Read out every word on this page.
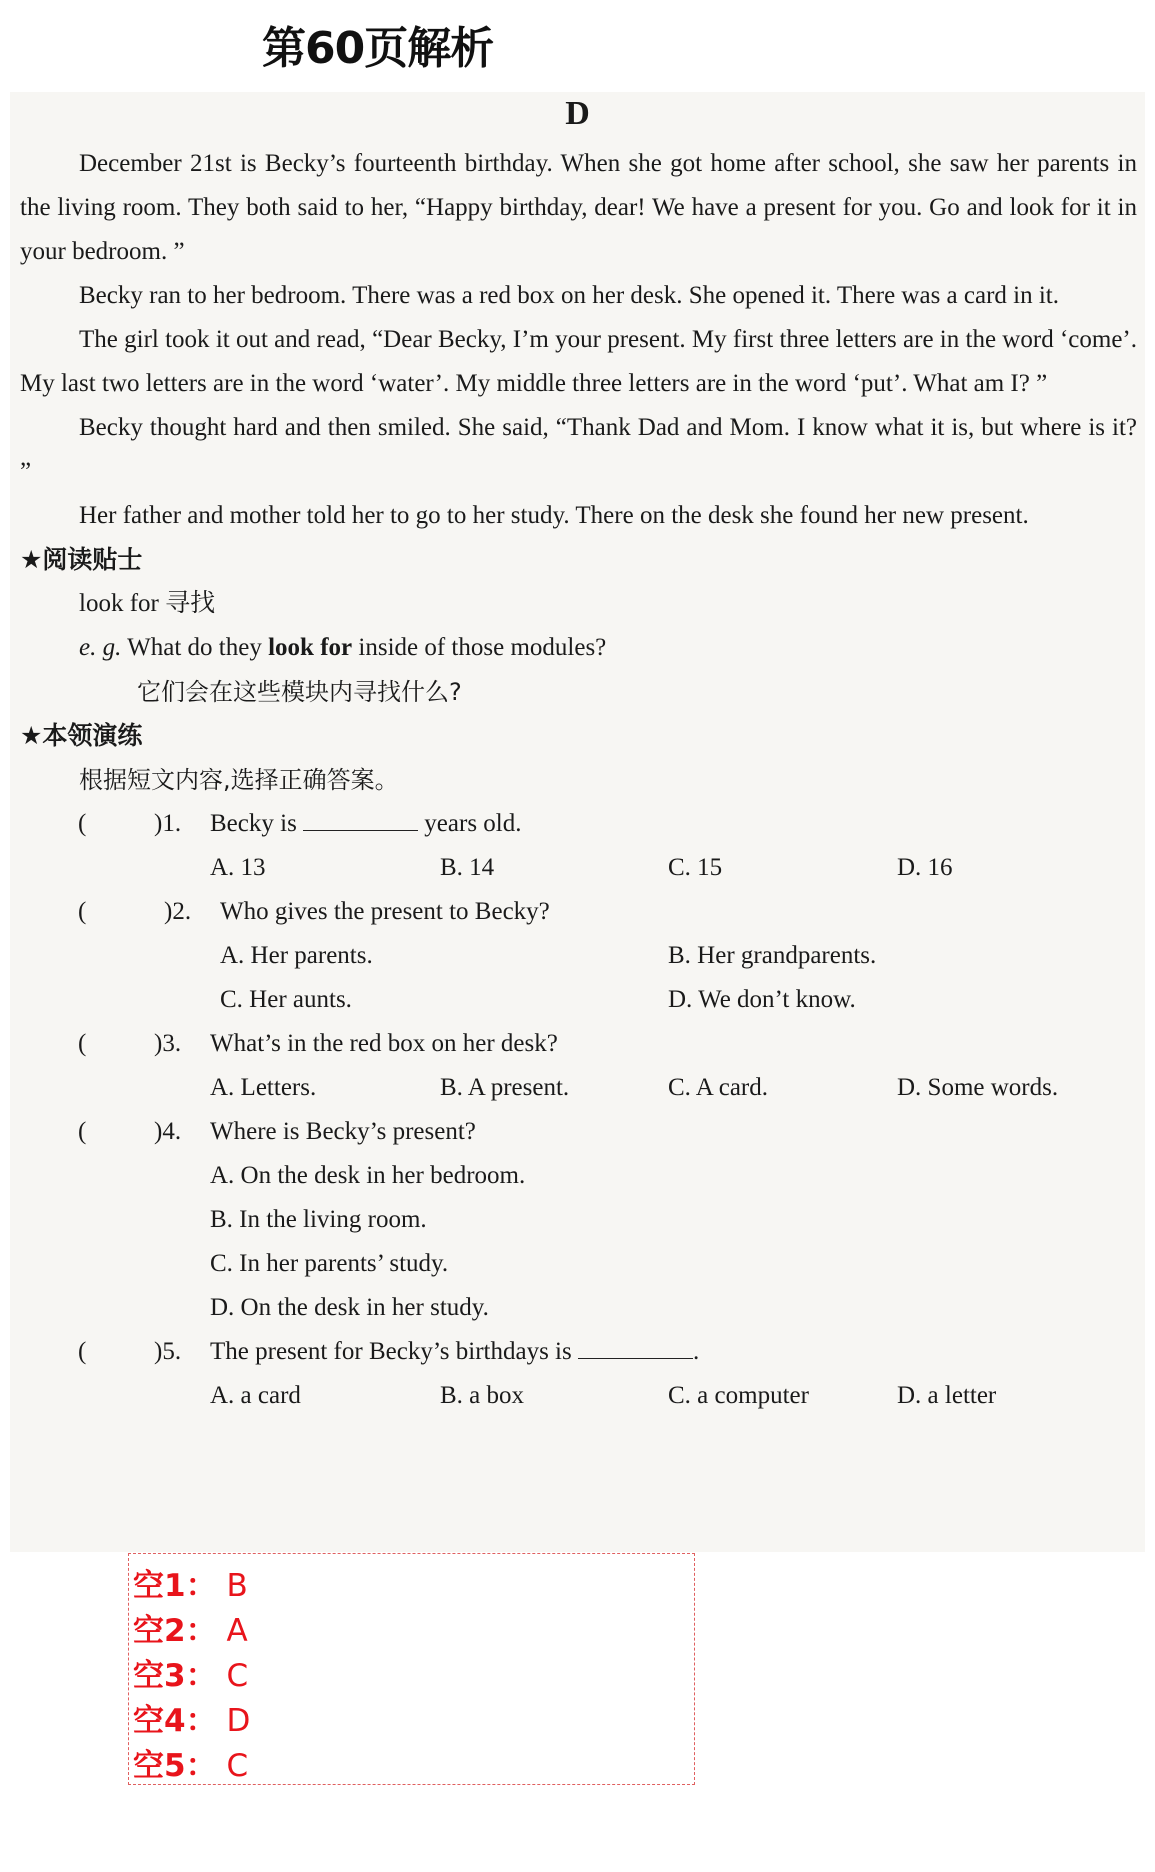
第60页解析
D
December 21st is Becky’s fourteenth birthday. When she got home after school, she saw her parents in the living room. They both said to her, “Happy birthday, dear! We have a present for you. Go and look for it in your bedroom. ”
Becky ran to her bedroom. There was a red box on her desk. She opened it. There was a card in it.
The girl took it out and read, “Dear Becky, I’m your present. My first three letters are in the word ‘come’. My last two letters are in the word ‘water’. My middle three letters are in the word ‘put’. What am I? ”
Becky thought hard and then smiled. She said, “Thank Dad and Mom. I know what it is, but where is it? ”
Her father and mother told her to go to her study. There on the desk she found her new present.
★阅读贴士
look for 寻找
e. g. What do they look for inside of those modules?
它们会在这些模块内寻找什么?
★本领演练
根据短文内容,选择正确答案。
(	)1. Becky is	years old.
A. 13	B. 14	C. 15	D. 16
(	)2. Who gives the present to Becky?
A. Her parents.	B. Her grandparents.
C. Her aunts.	D. We don’t know.
(	)3. What’s in the red box on her desk?
A. Letters.	B. A present.	C. A card.	D. Some words.
(	)4. Where is Becky’s present?
A. On the desk in her bedroom.
B. In the living room.
C. In her parents’ study.
D. On the desk in her study.
(	)5. The present for Becky’s birthdays is	.
A. a card	B. a box	C. a computer	D. a letter
空1： B
空2： A
空3： C
空4： D
空5： C
